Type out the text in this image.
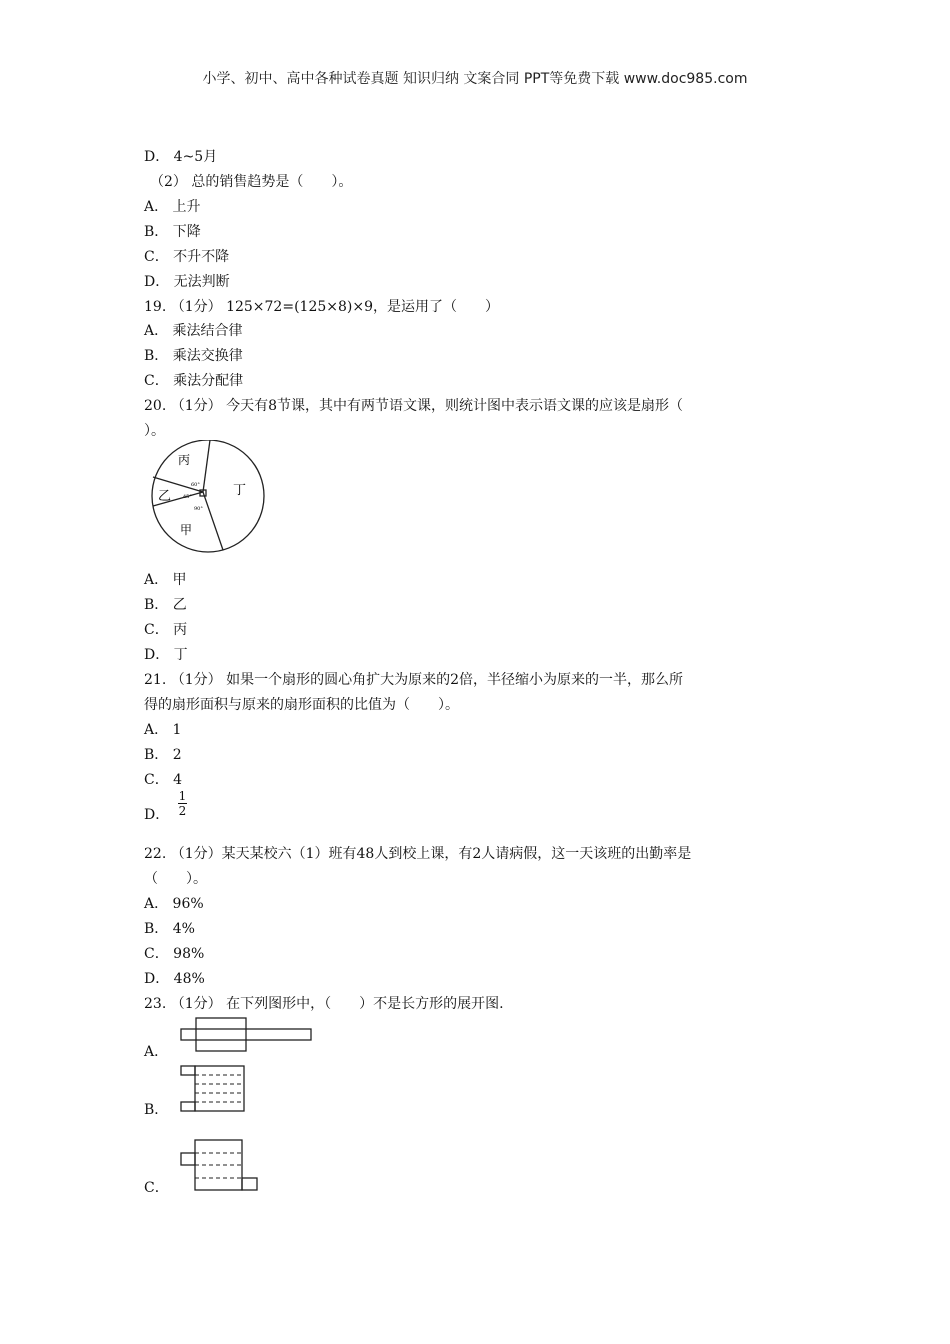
小学、初中、高中各种试卷真题 知识归纳 文案合同 PPT等免费下载 www.doc985.com
D． 4~5月
（2） 总的销售趋势是（　　）。
A． 上升
B． 下降
C． 不升不降
D． 无法判断
19. （1分） 125×72=(125×8)×9，是运用了（　　）
A． 乘法结合律
B． 乘法交换律
C． 乘法分配律
20. （1分） 今天有8节课，其中有两节语文课，则统计图中表示语文课的应该是扇形（
）。
丙
乙
甲
丁
60°
45°
90°
A． 甲
B． 乙
C． 丙
D． 丁
21. （1分） 如果一个扇形的圆心角扩大为原来的2倍，半径缩小为原来的一半，那么所
得的扇形面积与原来的扇形面积的比值为（　　）。
A． 1
B． 2
C． 4
D．
1
2
22. （1分）某天某校六（1）班有48人到校上课，有2人请病假，这一天该班的出勤率是
（　　）。
A． 96%
B． 4%
C． 98%
D． 48%
23. （1分） 在下列图形中，（　　）不是长方形的展开图.
A．
B．
C．
